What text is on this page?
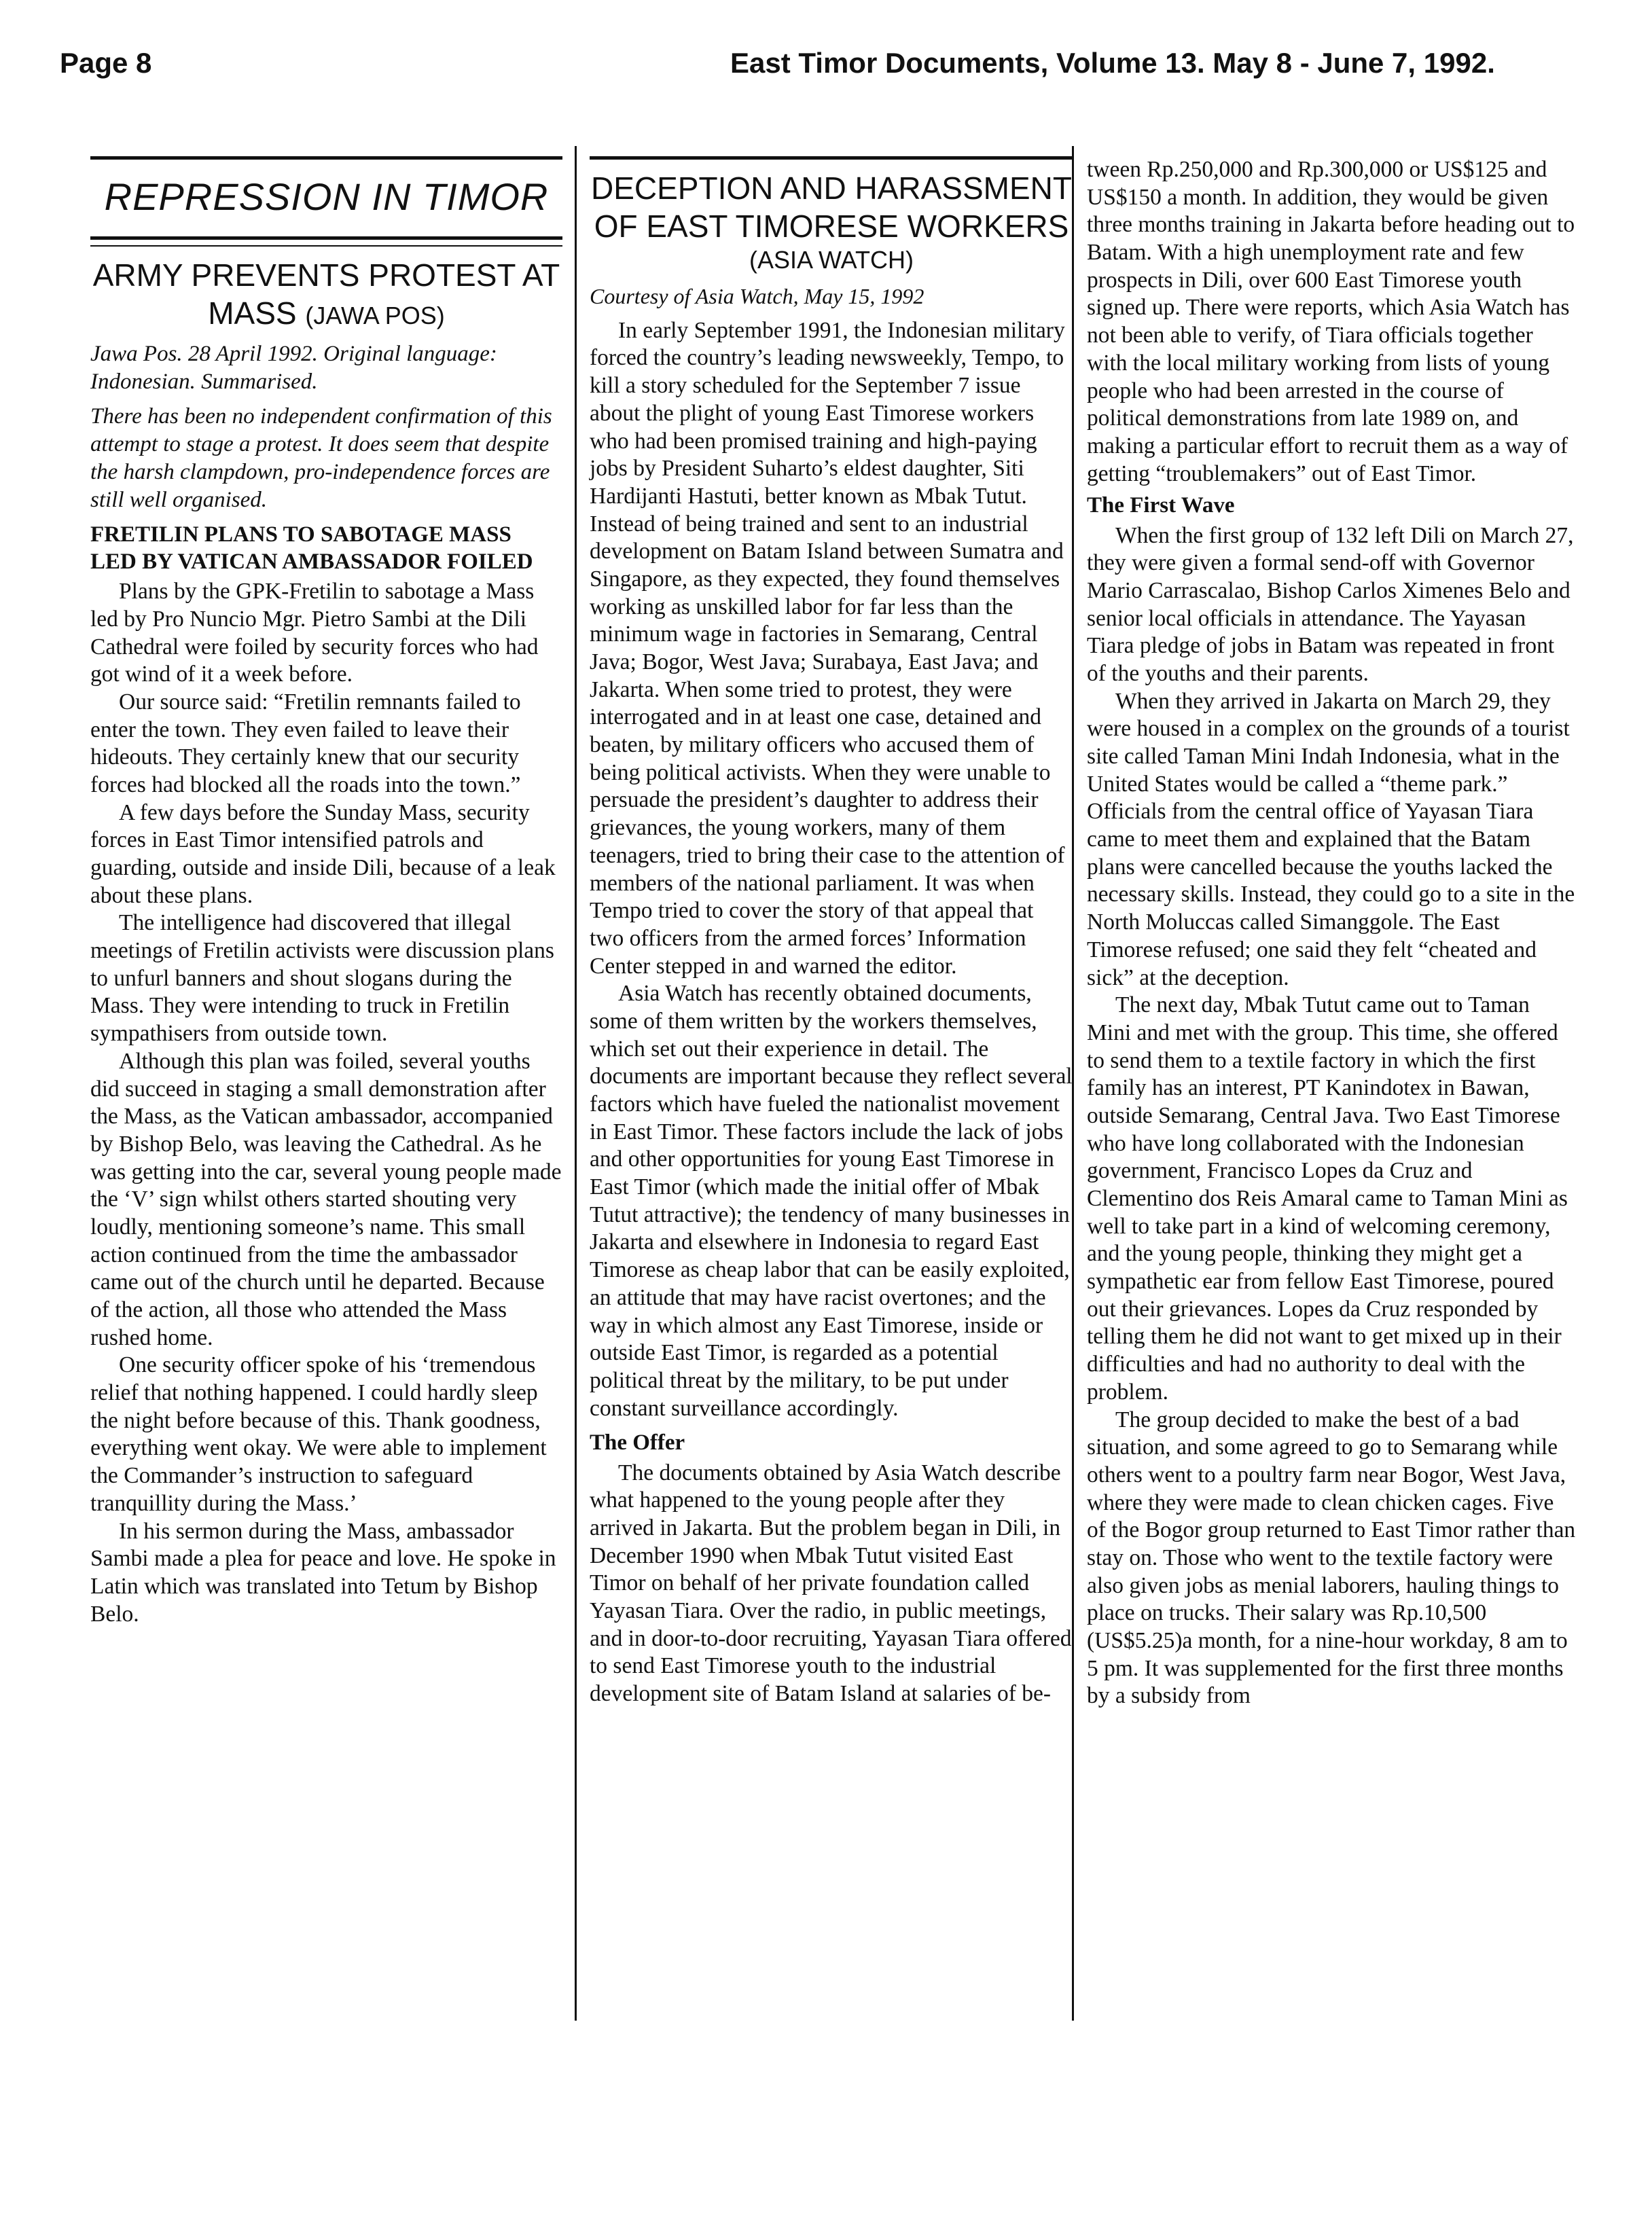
Page 8	East Timor Documents, Volume 13. May 8 - June 7, 1992.
REPRESSION IN TIMOR
ARMY PREVENTS PROTEST AT MASS (JAWA POS)
Jawa Pos. 28 April 1992. Original language: Indonesian. Summarised.
There has been no independent confirmation of this attempt to stage a protest. It does seem that despite the harsh clampdown, pro-independence forces are still well organised.
FRETILIN PLANS TO SABOTAGE MASS LED BY VATICAN AMBASSADOR FOILED

Plans by the GPK-Fretilin to sabotage a Mass led by Pro Nuncio Mgr. Pietro Sambi at the Dili Cathedral were foiled by security forces who had got wind of it a week before.

Our source said: “Fretilin remnants failed to enter the town. They even failed to leave their hideouts. They certainly knew that our security forces had blocked all the roads into the town.”

A few days before the Sunday Mass, security forces in East Timor intensified patrols and guarding, outside and inside Dili, because of a leak about these plans.

The intelligence had discovered that illegal meetings of Fretilin activists were discussion plans to unfurl banners and shout slogans during the Mass. They were intending to truck in Fretilin sympathisers from outside town.

Although this plan was foiled, several youths did succeed in staging a small demonstration after the Mass, as the Vatican ambassador, accompanied by Bishop Belo, was leaving the Cathedral. As he was getting into the car, several young people made the ‘V’ sign whilst others started shouting very loudly, mentioning someone’s name. This small action continued from the time the ambassador came out of the church until he departed. Because of the action, all those who attended the Mass rushed home.

One security officer spoke of his ‘tremendous relief that nothing happened. I could hardly sleep the night before because of this. Thank goodness, everything went okay. We were able to implement the Commander’s instruction to safeguard tranquillity during the Mass.’

In his sermon during the Mass, ambassador Sambi made a plea for peace and love. He spoke in Latin which was translated into Tetum by Bishop Belo.

DECEPTION AND HARASSMENT OF EAST TIMORESE WORKERS
(ASIA WATCH)
Courtesy of Asia Watch, May 15, 1992

In early September 1991, the Indonesian military forced the country’s leading newsweekly, Tempo, to kill a story scheduled for the September 7 issue about the plight of young East Timorese workers who had been promised training and high-paying jobs by President Suharto’s eldest daughter, Siti Hardijanti Hastuti, better known as Mbak Tutut. Instead of being trained and sent to an industrial development on Batam Island between Sumatra and Singapore, as they expected, they found themselves working as unskilled labor for far less than the minimum wage in factories in Semarang, Central Java; Bogor, West Java; Surabaya, East Java; and Jakarta. When some tried to protest, they were interrogated and in at least one case, detained and beaten, by military officers who accused them of being political activists. When they were unable to persuade the president’s daughter to address their grievances, the young workers, many of them teenagers, tried to bring their case to the attention of members of the national parliament. It was when Tempo tried to cover the story of that appeal that two officers from the armed forces’ Information Center stepped in and warned the editor.

Asia Watch has recently obtained documents, some of them written by the workers themselves, which set out their experience in detail. The documents are important because they reflect several factors which have fueled the nationalist movement in East Timor. These factors include the lack of jobs and other opportunities for young East Timorese in East Timor (which made the initial offer of Mbak Tutut attractive); the tendency of many businesses in Jakarta and elsewhere in Indonesia to regard East Timorese as cheap labor that can be easily exploited, an attitude that may have racist overtones; and the way in which almost any East Timorese, inside or outside East Timor, is regarded as a potential political threat by the military, to be put under constant surveillance accordingly.

The Offer

The documents obtained by Asia Watch describe what happened to the young people after they arrived in Jakarta. But the problem began in Dili, in December 1990 when Mbak Tutut visited East Timor on behalf of her private foundation called Yayasan Tiara. Over the radio, in public meetings, and in door-to-door recruiting, Yayasan Tiara offered to send East Timorese youth to the industrial development site of Batam Island at salaries of be-

tween Rp.250,000 and Rp.300,000 or US$125 and US$150 a month. In addition, they would be given three months training in Jakarta before heading out to Batam. With a high unemployment rate and few prospects in Dili, over 600 East Timorese youth signed up. There were reports, which Asia Watch has not been able to verify, of Tiara officials together with the local military working from lists of young people who had been arrested in the course of political demonstrations from late 1989 on, and making a particular effort to recruit them as a way of getting “troublemakers” out of East Timor.

The First Wave

When the first group of 132 left Dili on March 27, they were given a formal send-off with Governor Mario Carrascalao, Bishop Carlos Ximenes Belo and senior local officials in attendance. The Yayasan Tiara pledge of jobs in Batam was repeated in front of the youths and their parents.

When they arrived in Jakarta on March 29, they were housed in a complex on the grounds of a tourist site called Taman Mini Indah Indonesia, what in the United States would be called a “theme park.” Officials from the central office of Yayasan Tiara came to meet them and explained that the Batam plans were cancelled because the youths lacked the necessary skills. Instead, they could go to a site in the North Moluccas called Simanggole. The East Timorese refused; one said they felt “cheated and sick” at the deception.

The next day, Mbak Tutut came out to Taman Mini and met with the group. This time, she offered to send them to a textile factory in which the first family has an interest, PT Kanindotex in Bawan, outside Semarang, Central Java. Two East Timorese who have long collaborated with the Indonesian government, Francisco Lopes da Cruz and Clementino dos Reis Amaral came to Taman Mini as well to take part in a kind of welcoming ceremony, and the young people, thinking they might get a sympathetic ear from fellow East Timorese, poured out their grievances. Lopes da Cruz responded by telling them he did not want to get mixed up in their difficulties and had no authority to deal with the problem.

The group decided to make the best of a bad situation, and some agreed to go to Semarang while others went to a poultry farm near Bogor, West Java, where they were made to clean chicken cages. Five of the Bogor group returned to East Timor rather than stay on. Those who went to the textile factory were also given jobs as menial laborers, hauling things to place on trucks. Their salary was Rp.10,500 (US$5.25)a month, for a nine-hour workday, 8 am to 5 pm. It was supplemented for the first three months by a subsidy from
